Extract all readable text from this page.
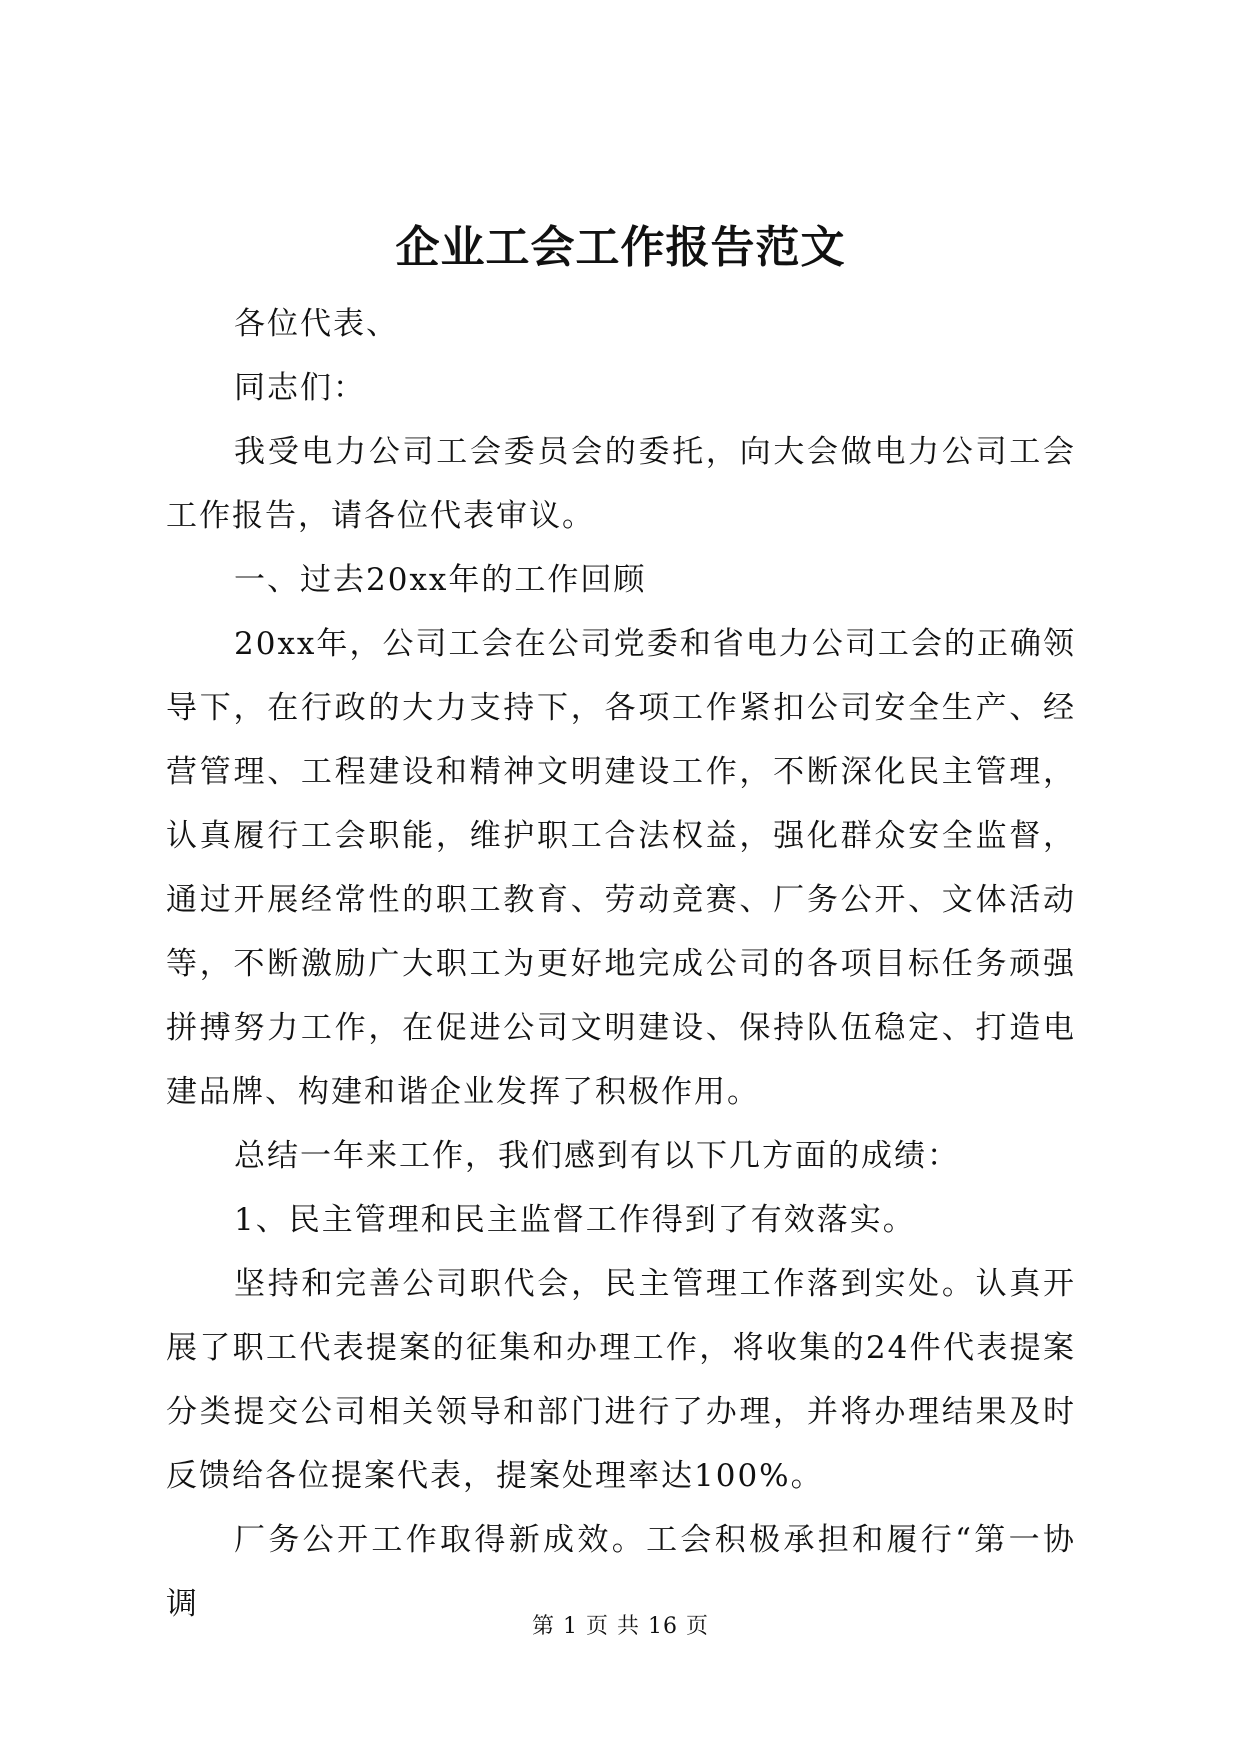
企业工会工作报告范文

各位代表、

同志们：

我受电力公司工会委员会的委托，向大会做电力公司工会工作报告，请各位代表审议。

一、过去20xx年的工作回顾

20xx年，公司工会在公司党委和省电力公司工会的正确领导下，在行政的大力支持下，各项工作紧扣公司安全生产、经营管理、工程建设和精神文明建设工作，不断深化民主管理，认真履行工会职能，维护职工合法权益，强化群众安全监督，通过开展经常性的职工教育、劳动竞赛、厂务公开、文体活动等，不断激励广大职工为更好地完成公司的各项目标任务顽强拼搏努力工作，在促进公司文明建设、保持队伍稳定、打造电建品牌、构建和谐企业发挥了积极作用。

总结一年来工作，我们感到有以下几方面的成绩：

1、民主管理和民主监督工作得到了有效落实。

坚持和完善公司职代会，民主管理工作落到实处。认真开展了职工代表提案的征集和办理工作，将收集的24件代表提案分类提交公司相关领导和部门进行了办理，并将办理结果及时反馈给各位提案代表，提案处理率达100%。

厂务公开工作取得新成效。工会积极承担和履行“第一协调

第 1 页 共 16 页
